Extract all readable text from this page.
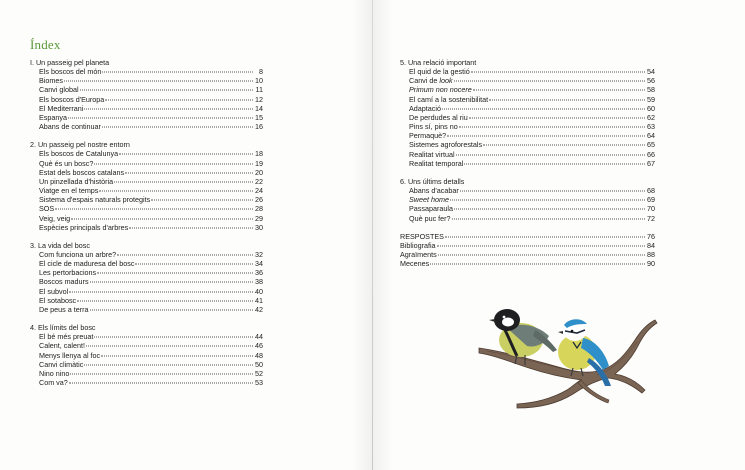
Índex
I. Un passeig pel planeta
Els boscos del món	8
Biomes	10
Canvi global	11
Els boscos d'Europa	12
El Mediterrani	14
Espanya	15
Abans de continuar	16
2. Un passeig pel nostre entorn
Els boscos de Catalunya	18
Què és un bosc?	19
Estat dels boscos catalans	20
Un pinzellada d'història	22
Viatge en el temps	24
Sistema d'espais naturals protegits	26
SOS	28
Veig, veig	29
Espècies principals d'arbres	30
3. La vida del bosc
Com funciona un arbre?	32
El cicle de maduresa del bosc	34
Les pertorbacions	36
Boscos madurs	38
El subvol	40
El sotabosc	41
De peus a terra	42
4. Els límits del bosc
El bé més preuat	44
Calent, calent!	46
Menys llenya al foc	48
Canvi climàtic	50
Nino nino	52
Com va?	53
5. Una relació important
El quid de la gestió	54
Canvi de look	56
Primum non nocere	58
El camí a la sostenibilitat	59
Adaptació	60
De perdudes al riu	62
Pins sí, pins no	63
Permaquè?	64
Sistemes agroforestals	65
Realitat virtual	66
Realitat temporal	67
6. Uns últims detalls
Abans d'acabar	68
Sweet home	69
Passaparaula	70
Què puc fer?	72
RESPOSTES	76
Bibliografia	84
Agraïments	88
Mecenes	90
